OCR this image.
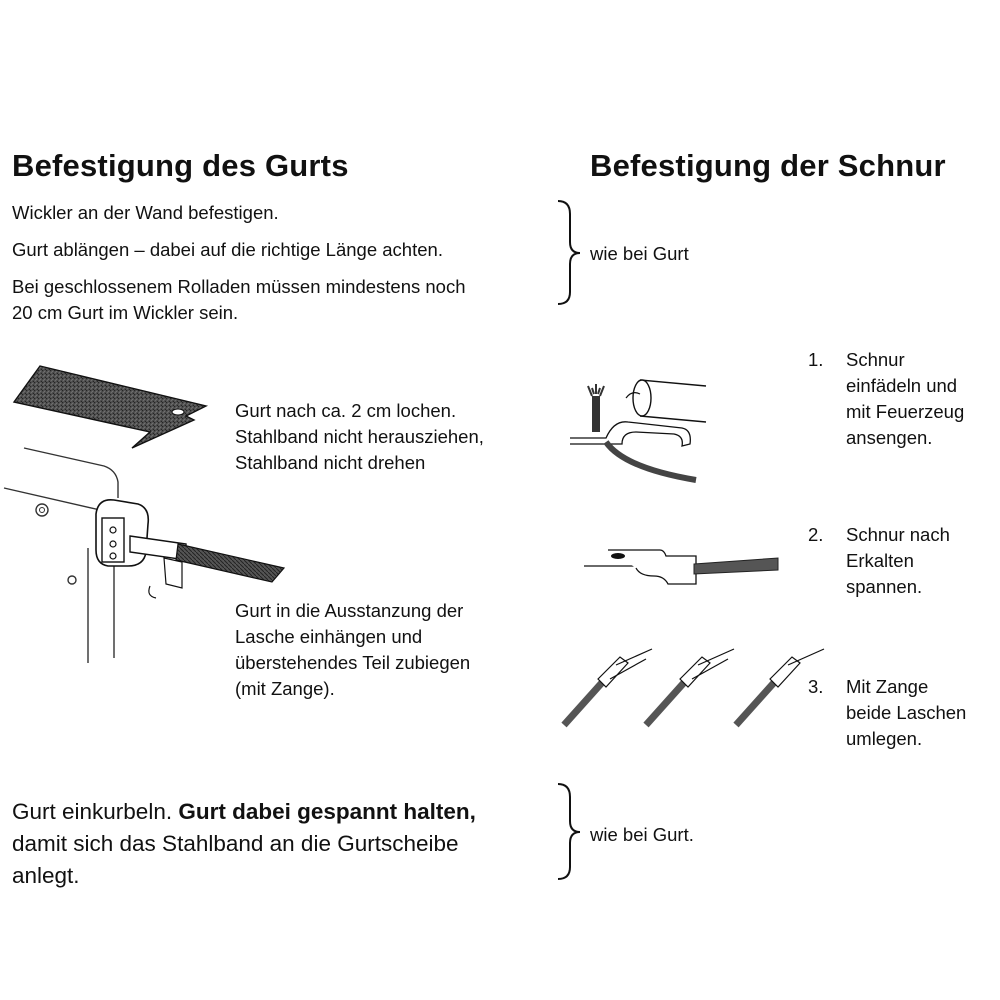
Befestigung des Gurts	Befestigung der Schnur
Wickler an der Wand befestigen.
Gurt ablängen – dabei auf die richtige Länge achten.
Bei geschlossenem Rolladen müssen mindestens noch
20 cm Gurt im Wickler sein.
wie bei Gurt
Gurt nach ca. 2 cm lochen.
Stahlband nicht herausziehen,
Stahlband nicht drehen
Gurt in die Ausstanzung der
Lasche einhängen und
überstehendes Teil zubiegen
(mit Zange).
1. Schnur
einfädeln und
mit Feuerzeug
ansengen.
2. Schnur nach
Erkalten
spannen.
3. Mit Zange
beide Laschen
umlegen.
Gurt einkurbeln. Gurt dabei gespannt halten,
damit sich das Stahlband an die Gurtscheibe
anlegt.
wie bei Gurt.
